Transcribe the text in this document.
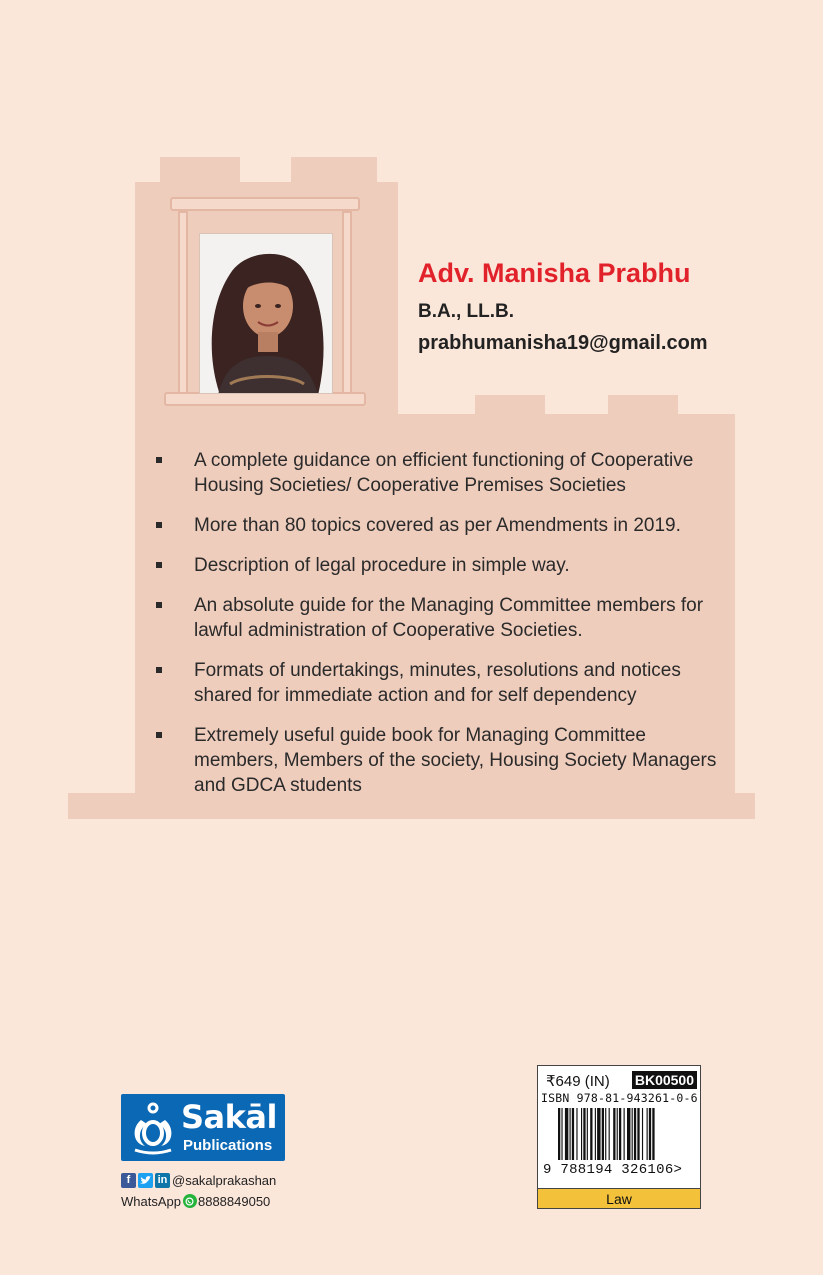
Adv. Manisha Prabhu
B.A., LL.B.
prabhumanisha19@gmail.com
A complete guidance on efficient functioning of Cooperative Housing Societies/ Cooperative Premises Societies
More than 80 topics covered as per Amendments in 2019.
Description of legal procedure in simple way.
An absolute guide for the Managing Committee members for lawful administration of Cooperative Societies.
Formats of undertakings, minutes, resolutions and notices shared for immediate action and for self dependency
Extremely useful guide book for Managing Committee members, Members of the society, Housing Society Managers and GDCA students
Sakāl
Publications
f	in @sakalprakashan
WhatsApp 8888849050
₹649 (IN) BK00500
ISBN 978-81-943261-0-6
9 788194 326106>
Law
